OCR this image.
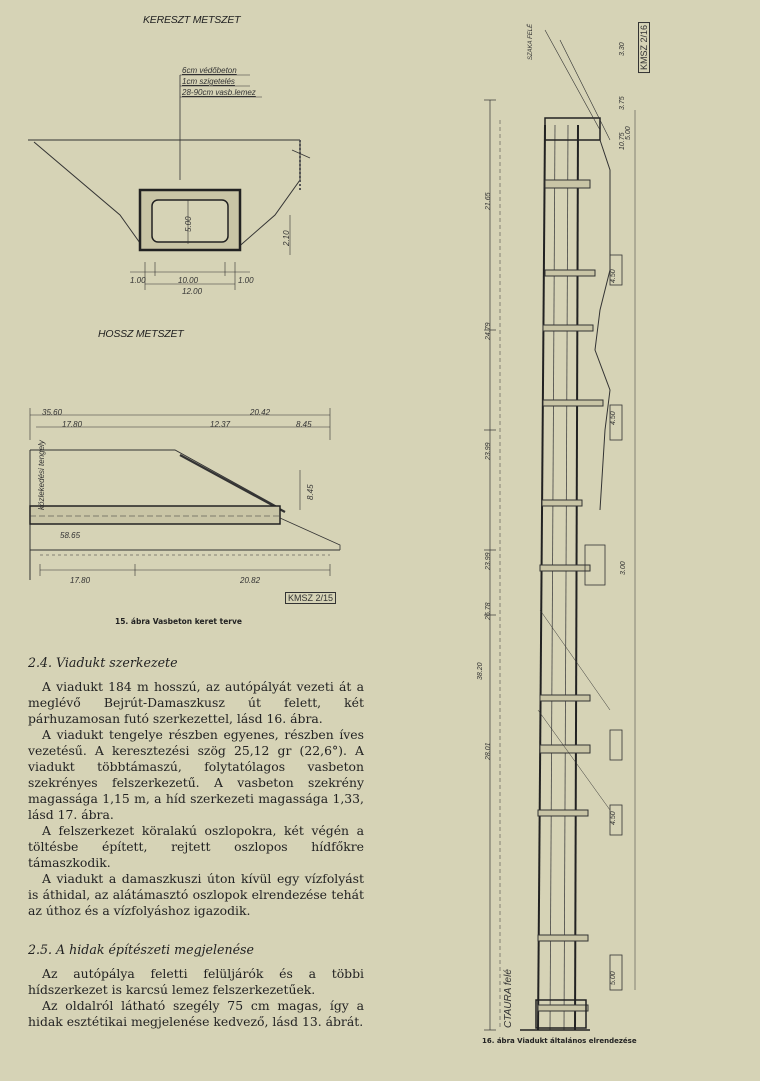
KERESZT METSZET
6cm védőbeton
1cm szigetelés
28-90cm vasb.lemez
5.00
2.10
1.00	10.00	1.00
12.00
HOSSZ METSZET
35.60	20.42
17.80	12.37	8.45
közlekedési tengely	8.45
58.65
17.80	20.82
KMSZ 2/15
15. ábra Vasbeton keret terve
2.4. Viadukt szerkezete

A viadukt 184 m hosszú, az autópályát vezeti át a meglévő Bejrút-Damaszkusz út felett, két párhuzamosan futó szerkezettel, lásd 16. ábra.

A viadukt tengelye részben egyenes, részben íves vezetésű. A keresztezési szög 25,12 gr (22,6°). A viadukt többtámaszú, folytatólagos vasbeton szekrényes felszerkezetű. A vasbeton szekrény magassága 1,15 m, a híd szerkezeti magassága 1,33, lásd 17. ábra.

A felszerkezet köralakú oszlopokra, két végén a töltésbe épített, rejtett oszlopos hídfőkre támaszkodik.

A viadukt a damaszkuszi úton kívül egy vízfolyást is áthidal, az alátámasztó oszlopok elrendezése tehát az úthoz és a vízfolyáshoz igazodik.

2.5. A hidak építészeti megjelenése

Az autópálya feletti felüljárók és a többi hídszerkezet is karcsú lemez felszerkezetűek.

Az oldalról látható szegély 75 cm magas, így a hidak esztétikai megjelenése kedvező, lásd 13. ábrát.

KMSZ 2/16
SZAKA FELÉ	3.30
3.75
10.75
21.65
24.79
23.99
23.99
26.78
28.01
38.20
5.00
4.50
4.50
3.00
4.50
5.00
CTAURA felé
16. ábra Viadukt általános elrendezése
